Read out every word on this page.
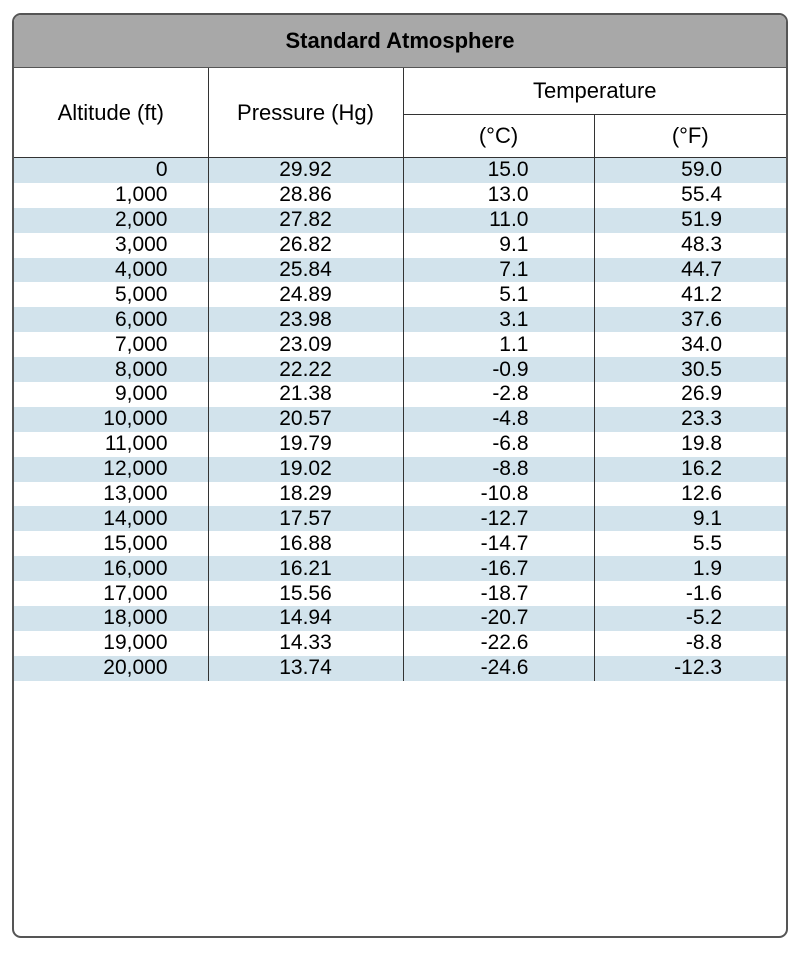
Standard Atmosphere
Altitude (ft)	Pressure (Hg)	Temperature	
		(°C)	(°F)
0	29.92	15.0	59.0
1,000	28.86	13.0	55.4
2,000	27.82	11.0	51.9
3,000	26.82	9.1	48.3
4,000	25.84	7.1	44.7
5,000	24.89	5.1	41.2
6,000	23.98	3.1	37.6
7,000	23.09	1.1	34.0
8,000	22.22	-0.9	30.5
9,000	21.38	-2.8	26.9
10,000	20.57	-4.8	23.3
11,000	19.79	-6.8	19.8
12,000	19.02	-8.8	16.2
13,000	18.29	-10.8	12.6
14,000	17.57	-12.7	9.1
15,000	16.88	-14.7	5.5
16,000	16.21	-16.7	1.9
17,000	15.56	-18.7	-1.6
18,000	14.94	-20.7	-5.2
19,000	14.33	-22.6	-8.8
20,000	13.74	-24.6	-12.3
